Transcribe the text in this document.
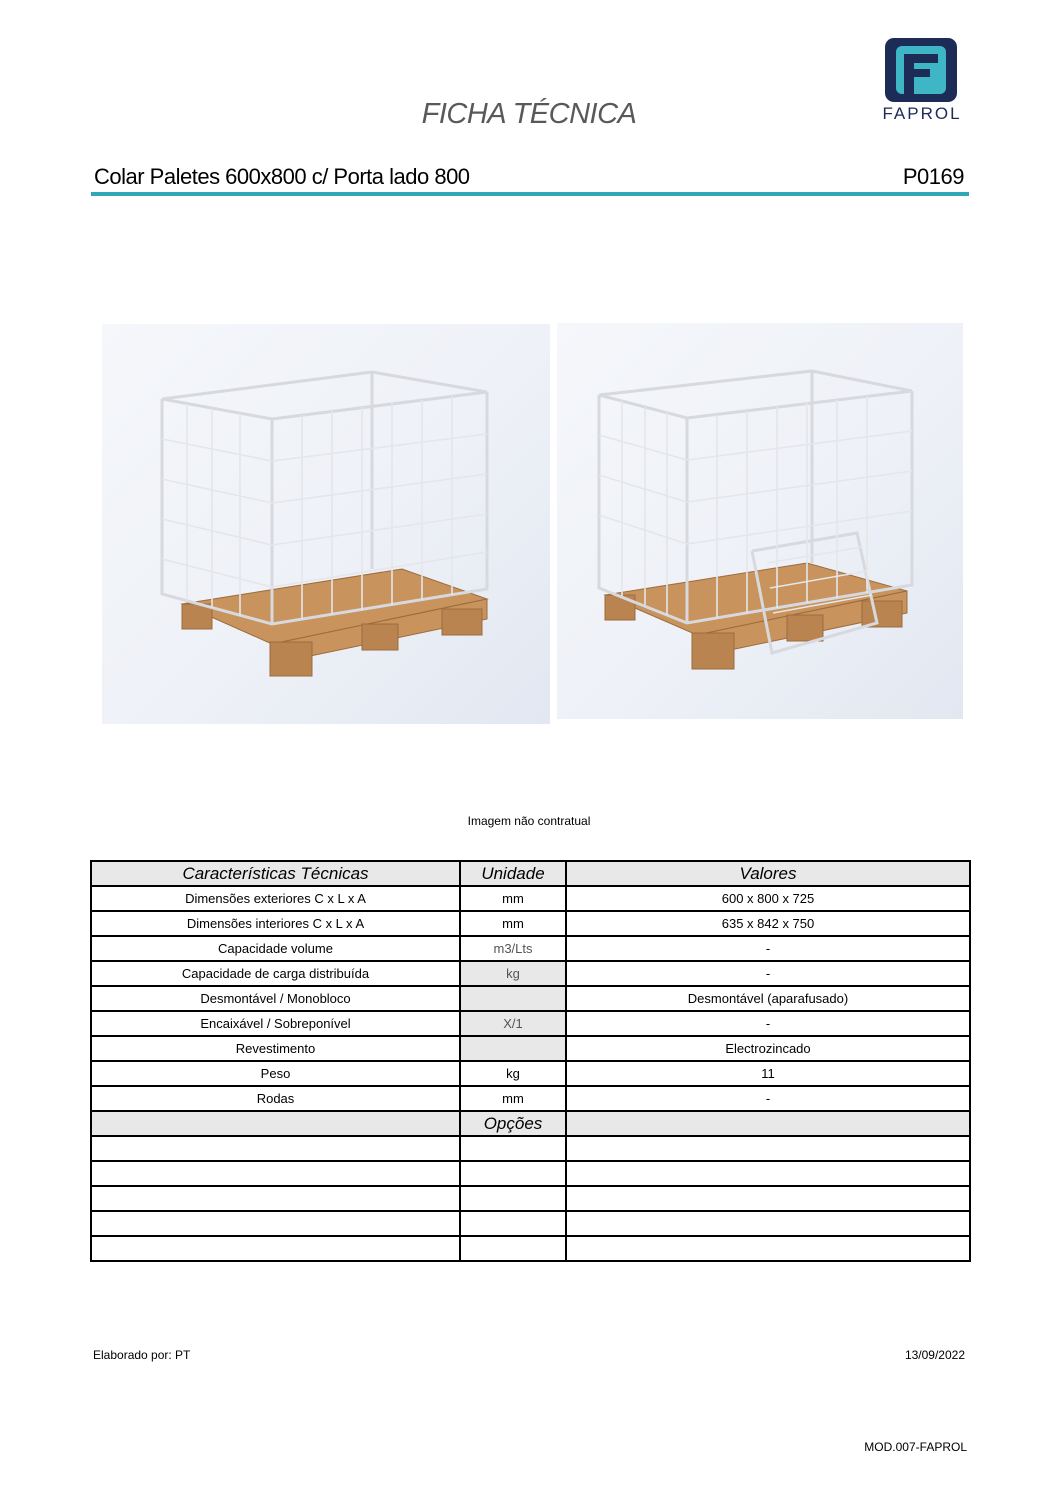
FICHA TÉCNICA	FAPROL
Colar Paletes 600x800 c/ Porta lado 800	P0169
Imagem não contratual
Características Técnicas	Unidade	Valores
Dimensões exteriores C x L x A	mm	600 x 800 x 725
Dimensões interiores C x L x A	mm	635 x 842 x 750
Capacidade volume	m3/Lts	-
Capacidade de carga distribuída	kg	-
Desmontável / Monobloco		Desmontável (aparafusado)
Encaixável / Sobreponível	X/1	-
Revestimento		Electrozincado
Peso	kg	11
Rodas	mm	-
	Opções	

Elaborado por: PT	13/09/2022
MOD.007-FAPROL
